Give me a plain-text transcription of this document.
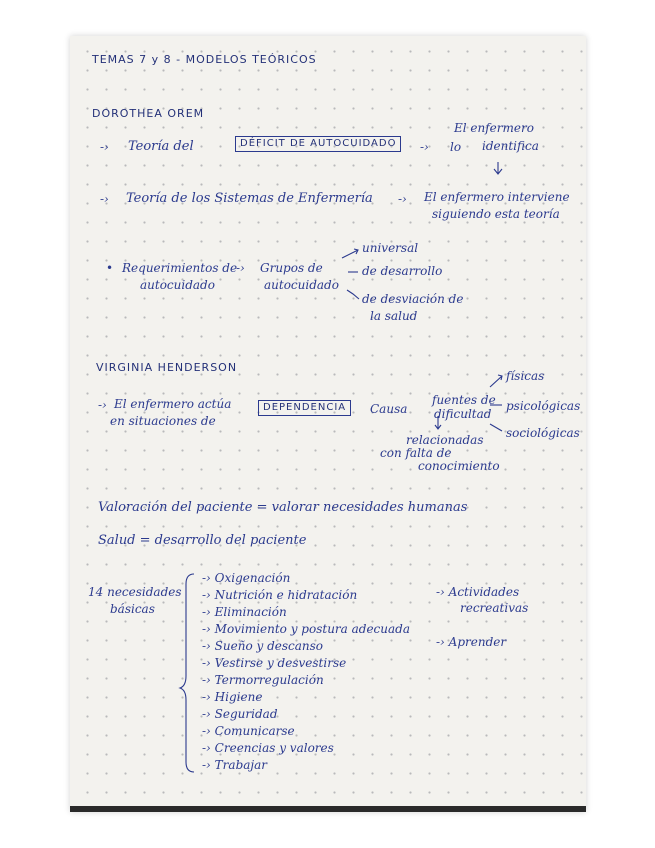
TEMAS 7 y 8 - MODELOS TEÓRICOS
DOROTHEA OREM
-› Teoría del	DÉFICIT DE AUTOCUIDADO	-› lo
El enfermero
identifica
-› Teoría de los Sistemas de Enfermería -› El enfermero interviene
siguiendo esta teoría
• Requerimientos de
autocuidado
-› Grupos de
autocuidado
universal
de desarrollo
de desviación de
la salud
VIRGINIA HENDERSON
-› El enfermero actúa
en situaciones de
DEPENDENCIA	Causa
fuentes de
dificultad
físicas
psicológicas
sociológicas
relacionadas
con falta de
conocimiento
Valoración del paciente = valorar necesidades humanas
Salud = desarrollo del paciente
14 necesidades
básicas
-› Oxigenación
-› Nutrición e hidratación
-› Eliminación
-› Movimiento y postura adecuada
-› Sueño y descanso
-› Vestirse y desvestirse
-› Termorregulación
-› Higiene
-› Seguridad
-› Comunicarse
-› Creencias y valores
-› Trabajar
-› Actividades
recreativas
-› Aprender
